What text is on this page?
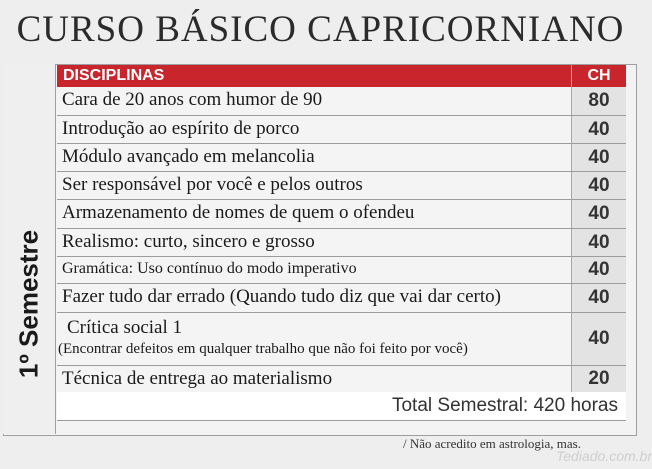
CURSO BÁSICO CAPRICORNIANO
1º Semestre
DISCIPLINAS	CH
Cara de 20 anos com humor de 90	80
Introdução ao espírito de porco	40
Módulo avançado em melancolia	40
Ser responsável por você e pelos outros	40
Armazenamento de nomes de quem o ofendeu	40
Realismo: curto, sincero e grosso	40
Gramática: Uso contínuo do modo imperativo	40
Fazer tudo dar errado (Quando tudo diz que vai dar certo)	40
Crítica social 1
(Encontrar defeitos em qualquer trabalho que não foi feito por você)	40
Técnica de entrega ao materialismo	20
Total Semestral: 420 horas
/ Não acredito em astrologia, mas.
Tediado.com.br
